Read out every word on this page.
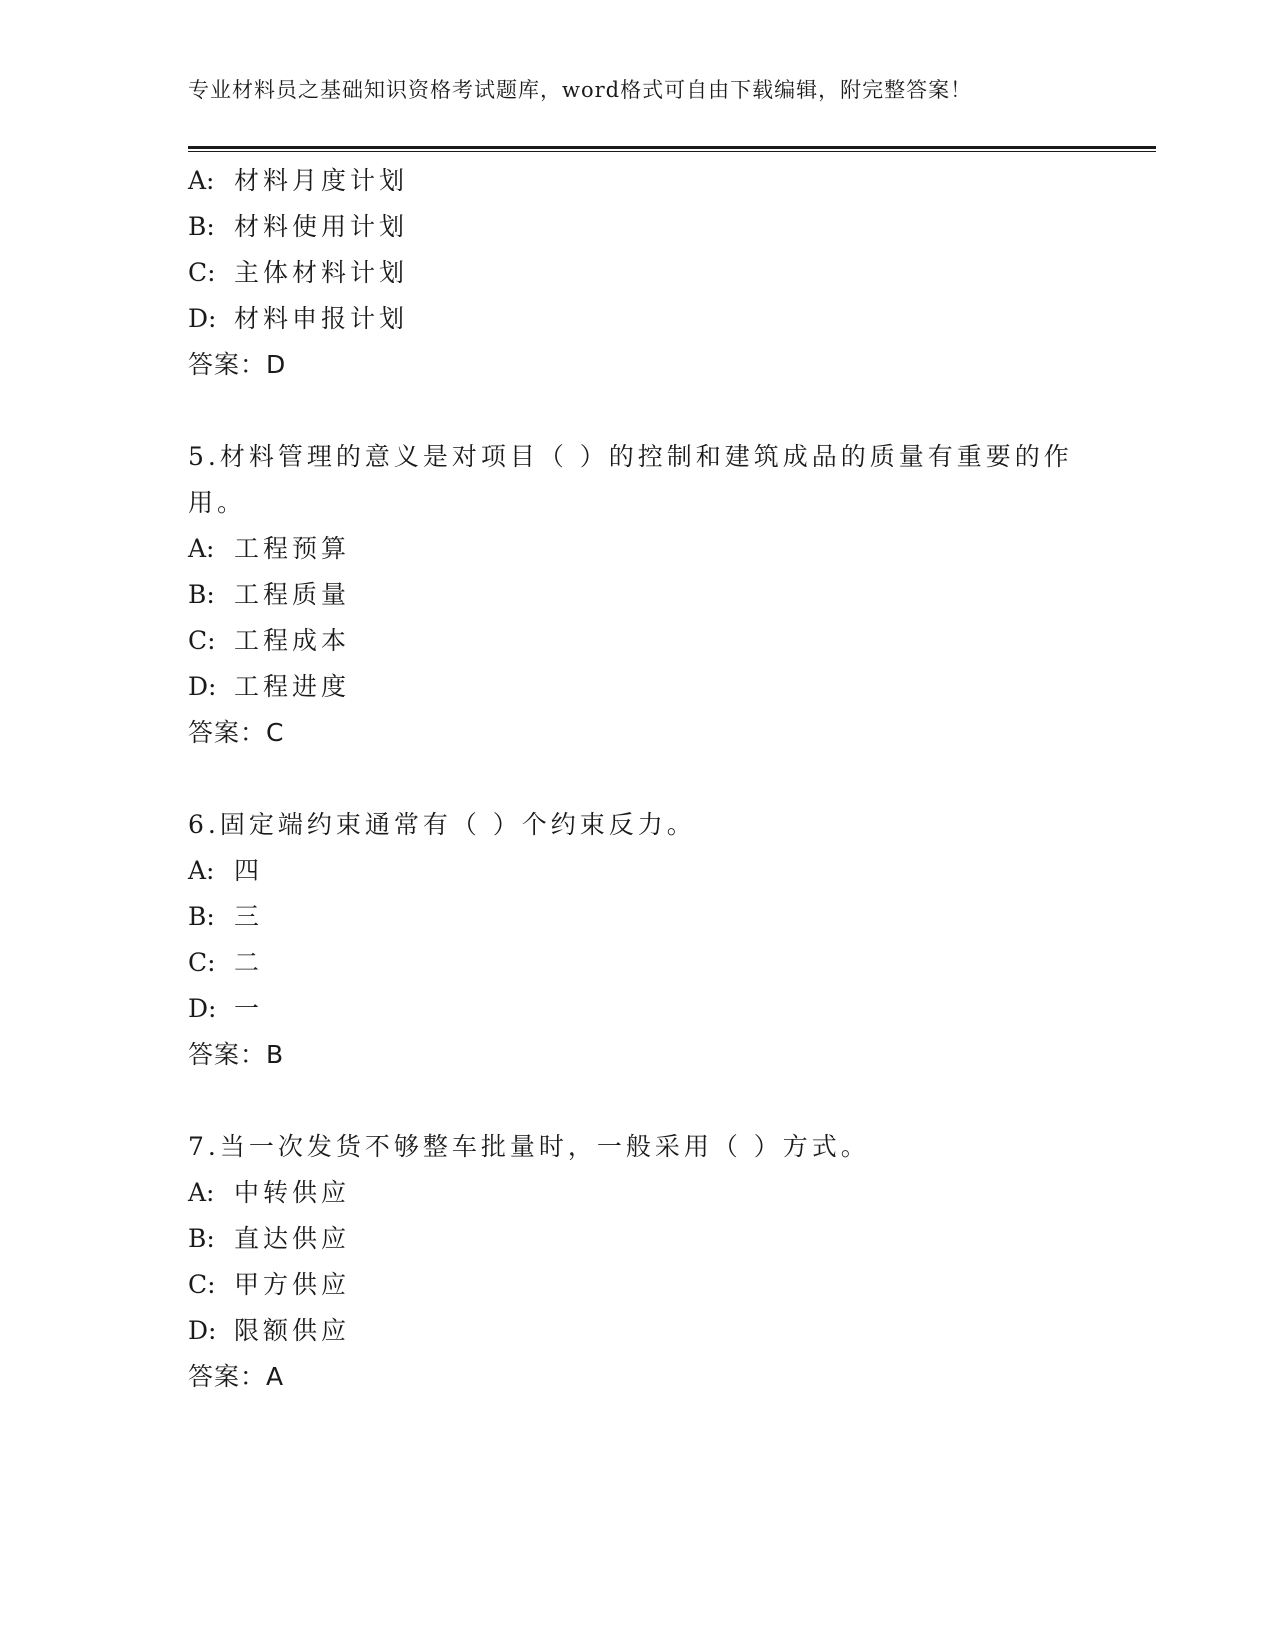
专业材料员之基础知识资格考试题库，word格式可自由下载编辑，附完整答案！
A: 材料月度计划
B: 材料使用计划
C: 主体材料计划
D: 材料申报计划
答案：D
5.材料管理的意义是对项目（ ）的控制和建筑成品的质量有重要的作
用。
A: 工程预算
B: 工程质量
C: 工程成本
D: 工程进度
答案：C
6.固定端约束通常有（ ）个约束反力。
A: 四
B: 三
C: 二
D: 一
答案：B
7.当一次发货不够整车批量时，一般采用（ ）方式。
A: 中转供应
B: 直达供应
C: 甲方供应
D: 限额供应
答案：A
